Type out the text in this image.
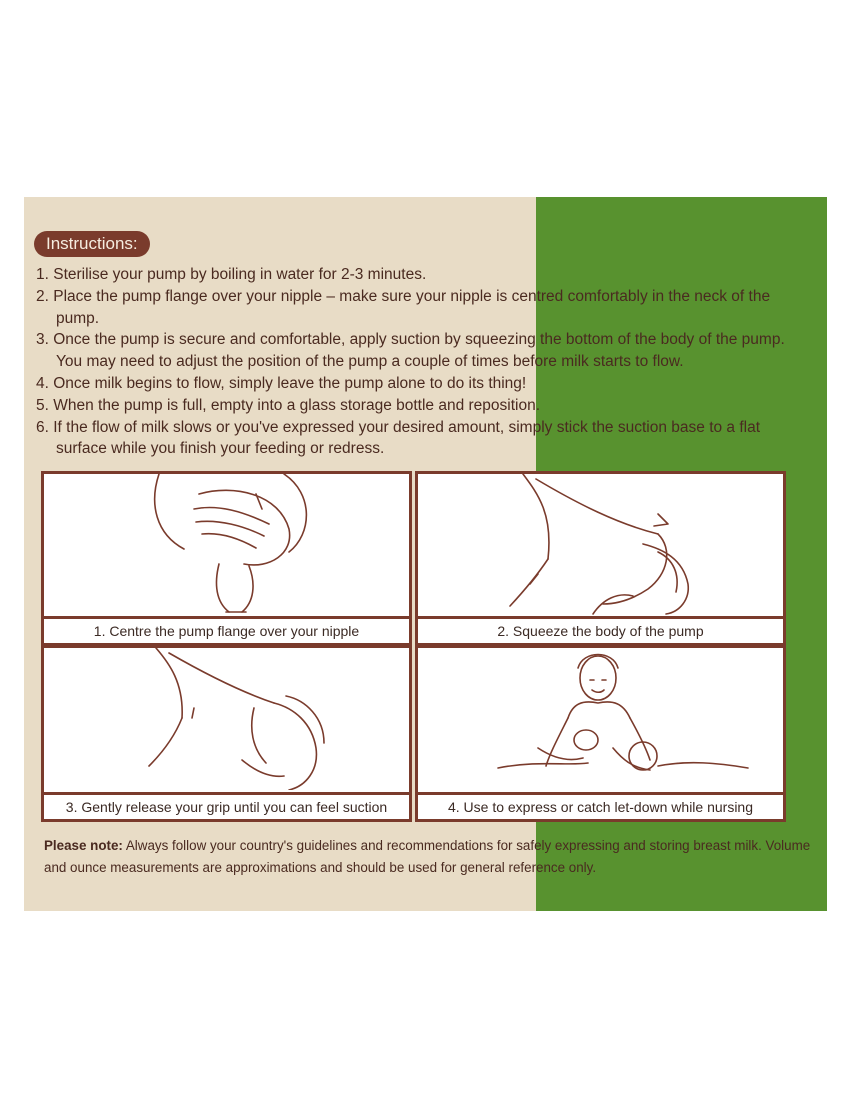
Instructions:
1. Sterilise your pump by boiling in water for 2-3 minutes.
2. Place the pump flange over your nipple – make sure your nipple is centred comfortably in the neck of the pump.
3. Once the pump is secure and comfortable, apply suction by squeezing the bottom of the body of the pump. You may need to adjust the position of the pump a couple of times before milk starts to flow.
4. Once milk begins to flow, simply leave the pump alone to do its thing!
5. When the pump is full, empty into a glass storage bottle and reposition.
6. If the flow of milk slows or you've expressed your desired amount, simply stick the suction base to a flat surface while you finish your feeding or redress.
1. Centre the pump flange over your nipple	2. Squeeze the body of the pump
3. Gently release your grip until you can feel suction	4. Use to express or catch let-down while nursing
Please note: Always follow your country's guidelines and recommendations for safely expressing and storing breast milk. Volume and ounce measurements are approximations and should be used for general reference only.
